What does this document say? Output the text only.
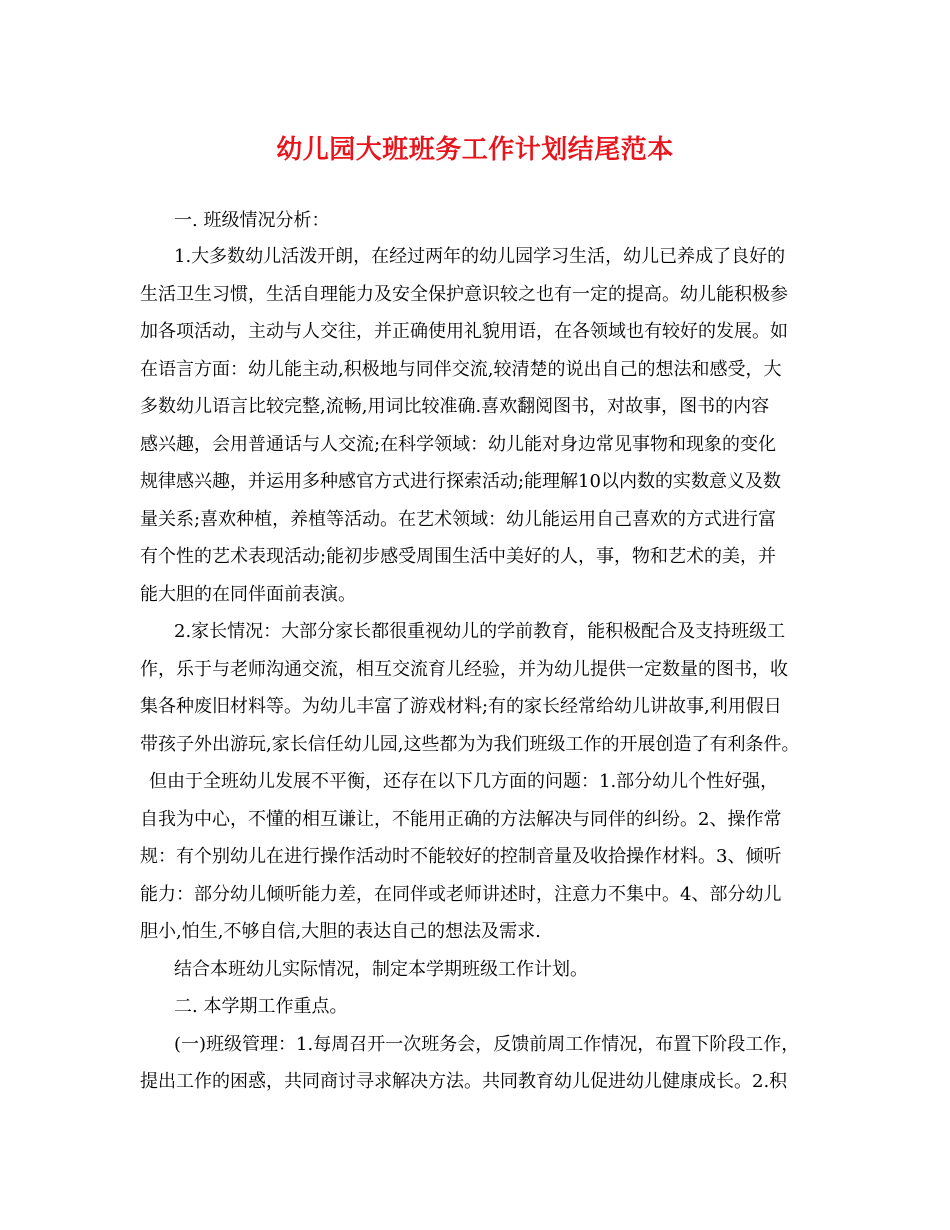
幼儿园大班班务工作计划结尾范本
一. 班级情况分析：
1.大多数幼儿活泼开朗，在经过两年的幼儿园学习生活，幼儿已养成了良好的
生活卫生习惯，生活自理能力及安全保护意识较之也有一定的提高。幼儿能积极参
加各项活动，主动与人交往，并正确使用礼貌用语，在各领域也有较好的发展。如
在语言方面：幼儿能主动,积极地与同伴交流,较清楚的说出自己的想法和感受，大
多数幼儿语言比较完整,流畅,用词比较准确.喜欢翻阅图书，对故事，图书的内容
感兴趣，会用普通话与人交流;在科学领域：幼儿能对身边常见事物和现象的变化
规律感兴趣，并运用多种感官方式进行探索活动;能理解10以内数的实数意义及数
量关系;喜欢种植，养植等活动。在艺术领域：幼儿能运用自己喜欢的方式进行富
有个性的艺术表现活动;能初步感受周围生活中美好的人，事，物和艺术的美，并
能大胆的在同伴面前表演。
2.家长情况：大部分家长都很重视幼儿的学前教育，能积极配合及支持班级工
作，乐于与老师沟通交流，相互交流育儿经验，并为幼儿提供一定数量的图书，收
集各种废旧材料等。为幼儿丰富了游戏材料;有的家长经常给幼儿讲故事,利用假日
带孩子外出游玩,家长信任幼儿园,这些都为为我们班级工作的开展创造了有利条件。
但由于全班幼儿发展不平衡，还存在以下几方面的问题：1.部分幼儿个性好强，
自我为中心，不懂的相互谦让，不能用正确的方法解决与同伴的纠纷。2、操作常
规：有个别幼儿在进行操作活动时不能较好的控制音量及收拾操作材料。3、倾听
能力：部分幼儿倾听能力差，在同伴或老师讲述时，注意力不集中。4、部分幼儿
胆小,怕生,不够自信,大胆的表达自己的想法及需求.
结合本班幼儿实际情况，制定本学期班级工作计划。
二. 本学期工作重点。
(一)班级管理：1.每周召开一次班务会，反馈前周工作情况，布置下阶段工作，
提出工作的困惑，共同商讨寻求解决方法。共同教育幼儿促进幼儿健康成长。2.积
